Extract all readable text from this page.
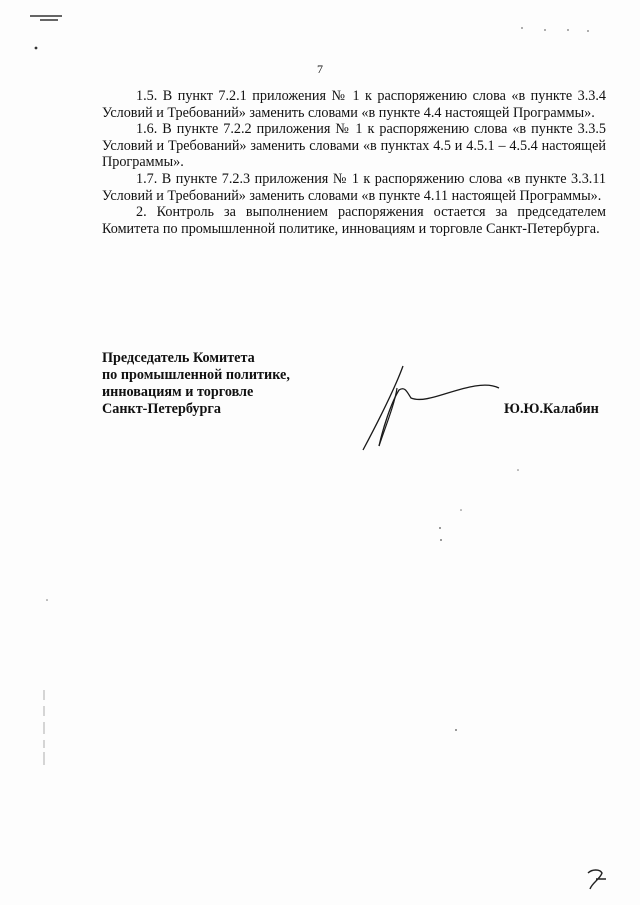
7

1.5. В пункт 7.2.1 приложения № 1 к распоряжению слова «в пункте 3.3.4 Условий и Требований» заменить словами «в пункте 4.4 настоящей Программы».

1.6. В пункте 7.2.2 приложения № 1 к распоряжению слова «в пункте 3.3.5 Условий и Требований» заменить словами «в пунктах 4.5 и 4.5.1 – 4.5.4 настоящей Программы».

1.7. В пункте 7.2.3 приложения № 1 к распоряжению слова «в пункте 3.3.11 Условий и Требований» заменить словами «в пункте 4.11 настоящей Программы».

2. Контроль за выполнением распоряжения остается за председателем Комитета по промышленной политике, инновациям и торговле Санкт-Петербурга.

Председатель Комитета
по промышленной политике,
инновациям и торговле
Санкт-Петербурга	Ю.Ю.Калабин
